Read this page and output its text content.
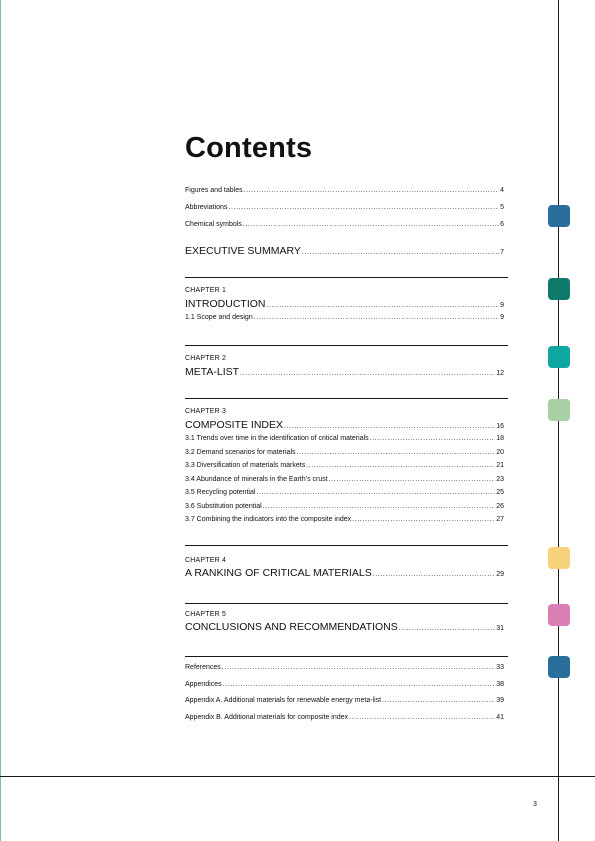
Contents
Figures and tables .....	4
Abbreviations .....	5
Chemical symbols .....	6
EXECUTIVE SUMMARY .....	7
CHAPTER 1
INTRODUCTION .....	9
1.1 Scope and design .....	9
CHAPTER 2
META-LIST .....	12
CHAPTER 3
COMPOSITE INDEX .....	16
3.1 Trends over time in the identification of critical materials .....	18
3.2 Demand scenarios for materials .....	20
3.3 Diversification of materials markets .....	21
3.4 Abundance of minerals in the Earth’s crust .....	23
3.5 Recycling potential .....	25
3.6 Substitution potential .....	26
3.7 Combining the indicators into the composite index .....	27
CHAPTER 4
A RANKING OF CRITICAL MATERIALS .....	29
CHAPTER 5
CONCLUSIONS AND RECOMMENDATIONS .....	31
References .....	33
Appendices .....	38
Appendix A. Additional materials for renewable energy meta-list .....	39
Appendix B. Additional materials for composite index .....	41
3
